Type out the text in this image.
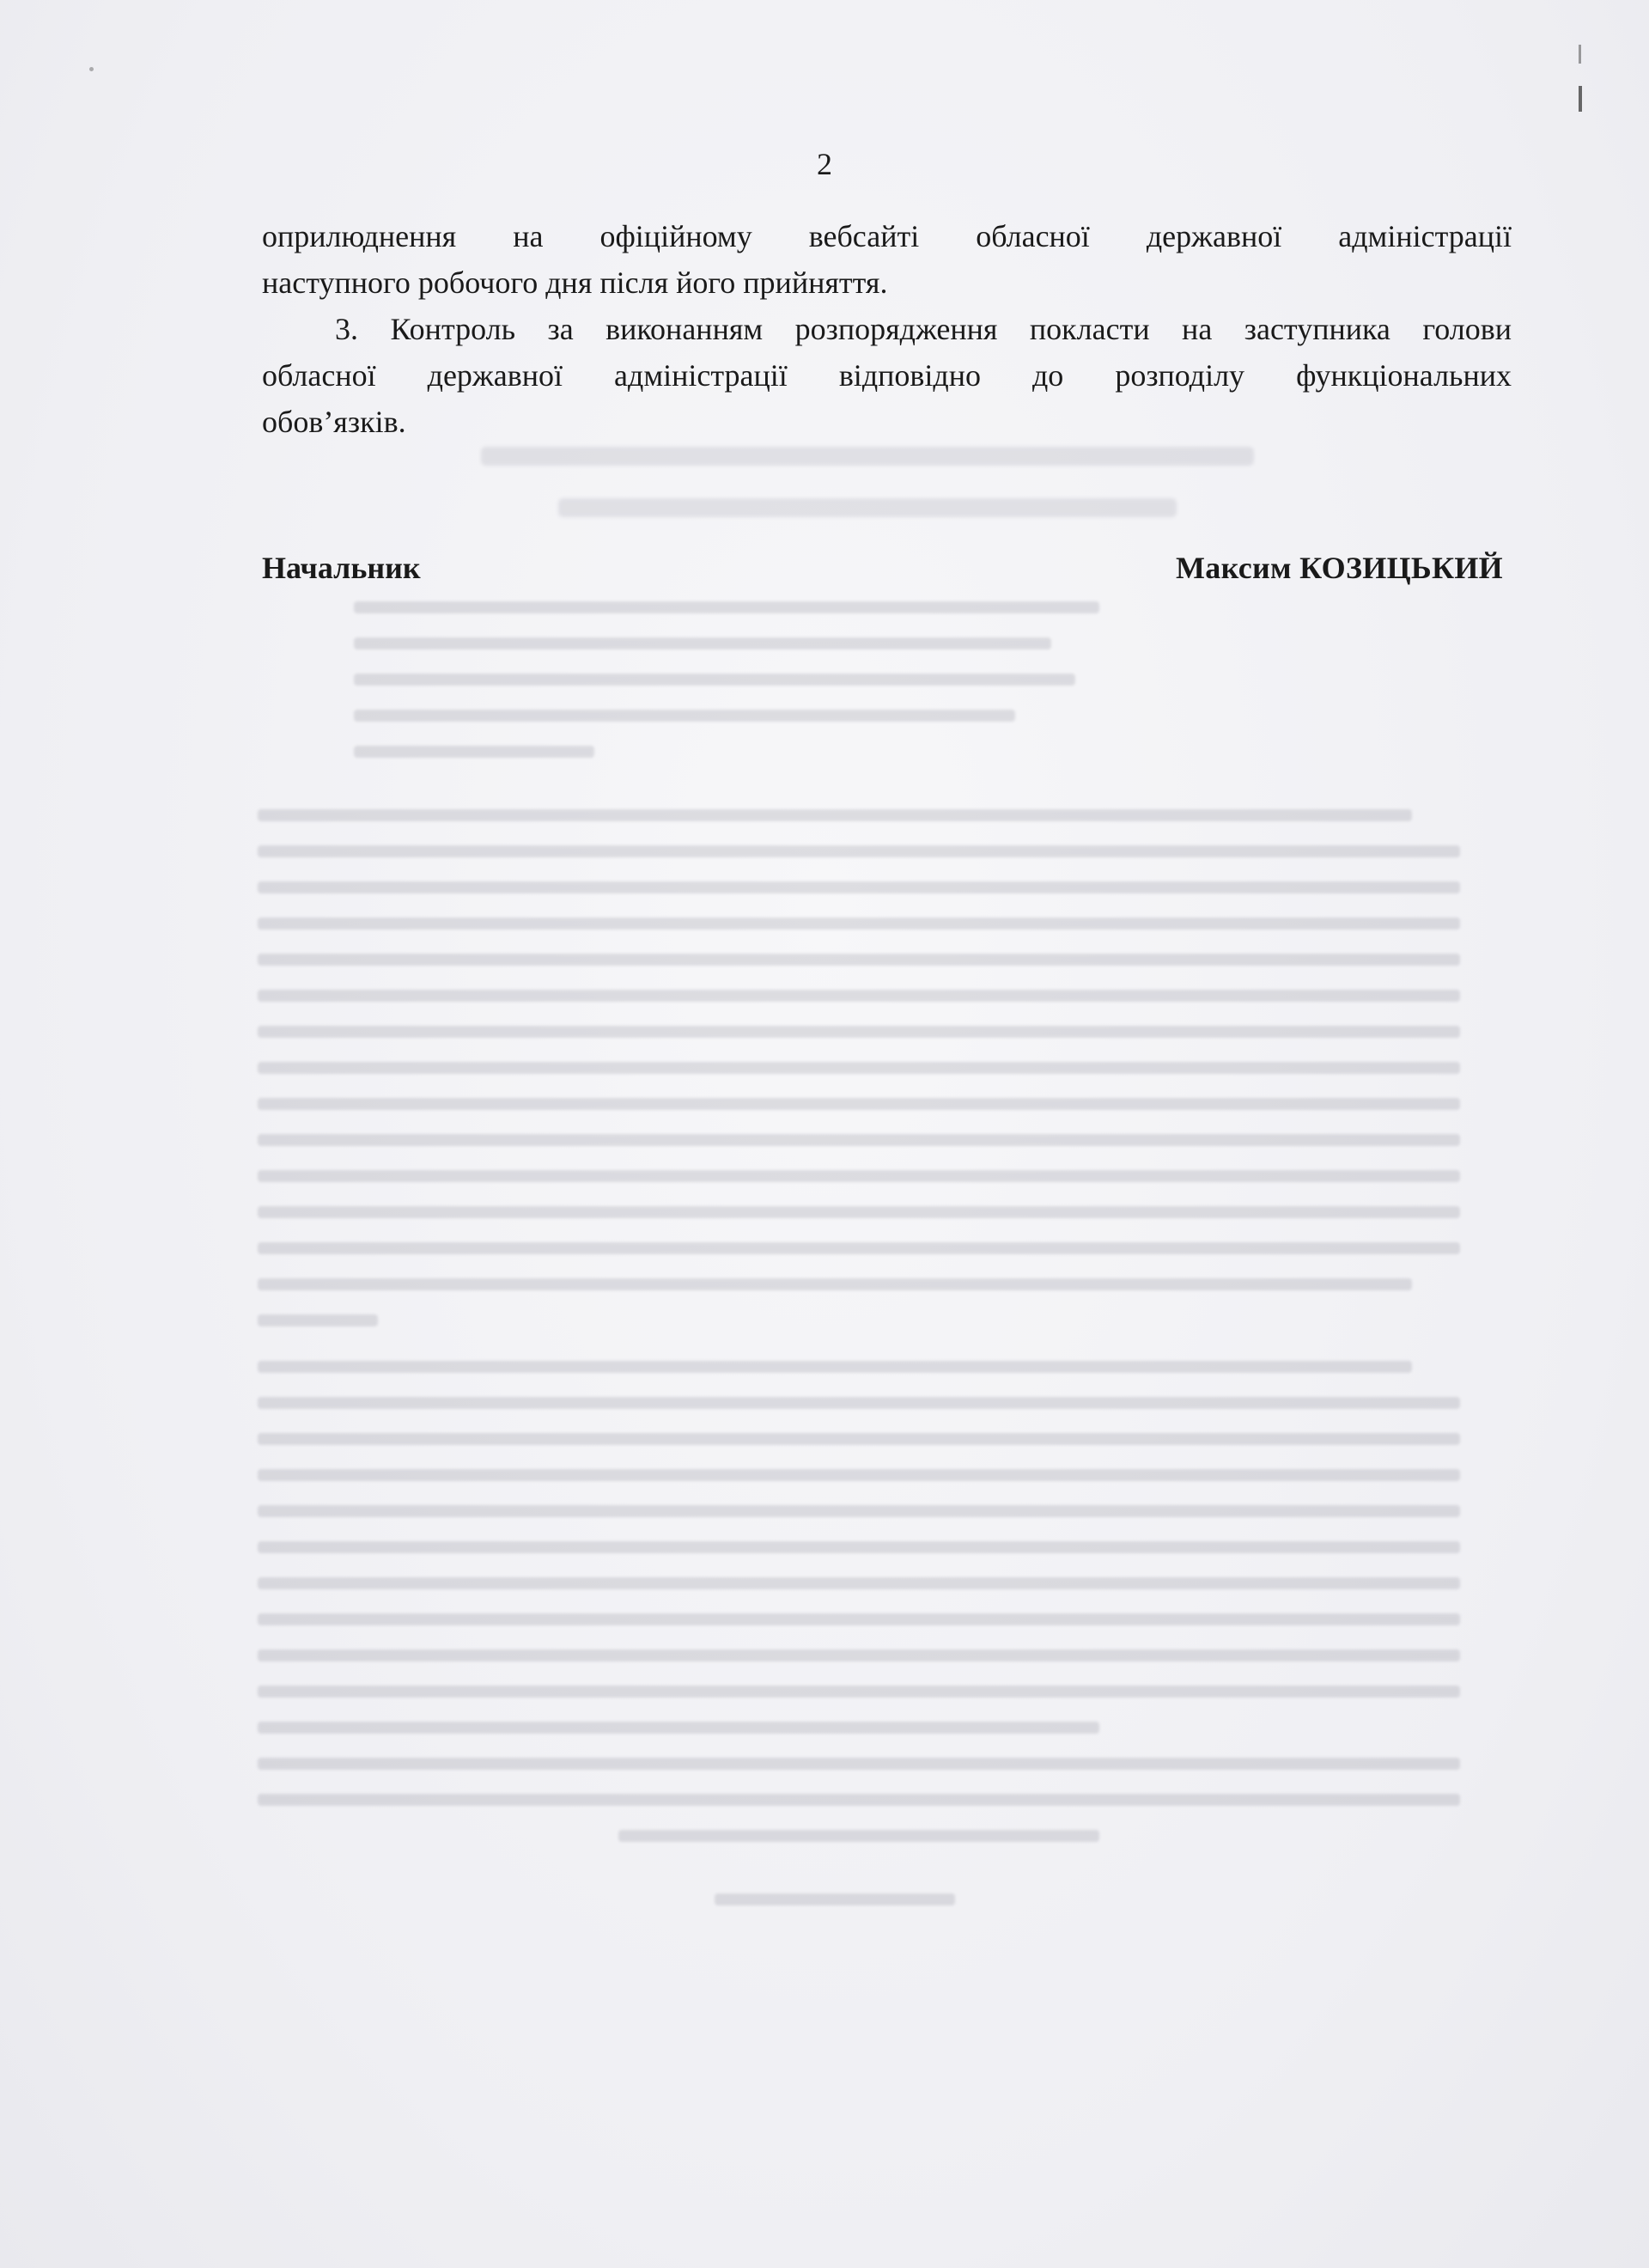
2

оприлюднення на офіційному вебсайті обласної державної адміністрації

наступного робочого дня після його прийняття.

3. Контроль за виконанням розпорядження покласти на заступника голови

обласної державної адміністрації відповідно до розподілу функціональних

обов’язків.

Начальник	Максим КОЗИЦЬКИЙ
